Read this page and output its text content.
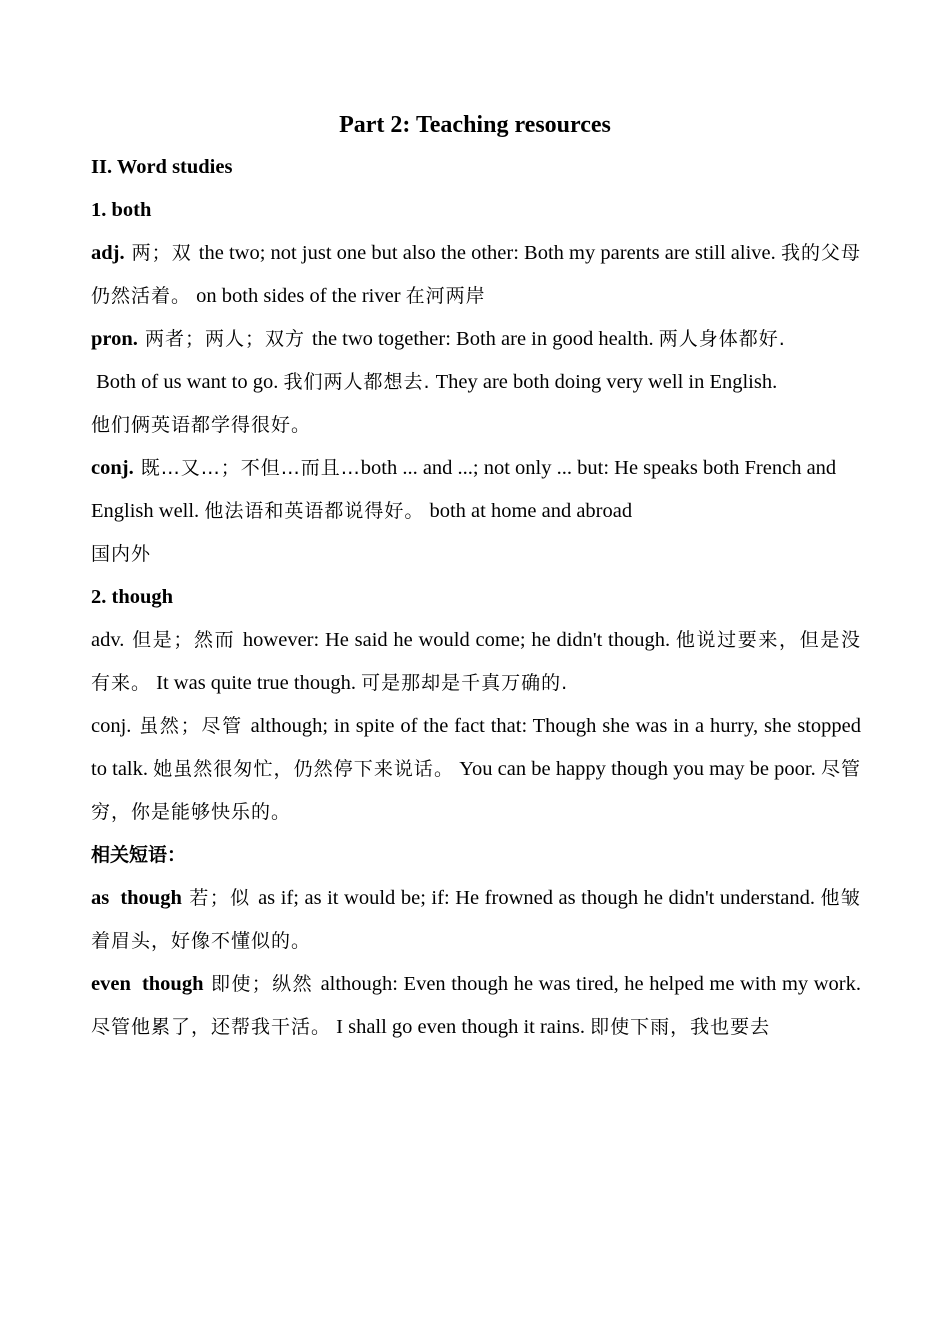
Part 2: Teaching resources

II. Word studies

1. both

adj. 两；双 the two; not just one but also the other: Both my parents are still alive. 我的父母仍然活着。 on both sides of the river 在河两岸

pron. 两者；两人；双方 the two together: Both are in good health. 两人身体都好.
Both of us want to go. 我们两人都想去. They are both doing very well in English.
他们俩英语都学得很好。

conj. 既…又…；不但…而且…both ... and ...; not only ... but: He speaks both French and English well. 他法语和英语都说得好。 both at home and abroad
国内外

2. though

adv. 但是；然而 however: He said he would come; he didn't though. 他说过要来，但是没有来。 It was quite true though. 可是那却是千真万确的.

conj. 虽然；尽管 although; in spite of the fact that: Though she was in a hurry, she stopped to talk. 她虽然很匆忙，仍然停下来说话。 You can be happy though you may be poor. 尽管穷，你是能够快乐的。

相关短语：

as  though 若；似 as if; as it would be; if: He frowned as though he didn't understand. 他皱着眉头，好像不懂似的。

even  though 即使；纵然 although: Even though he was tired, he helped me with my work. 尽管他累了，还帮我干活。 I shall go even though it rains. 即使下雨，我也要去
